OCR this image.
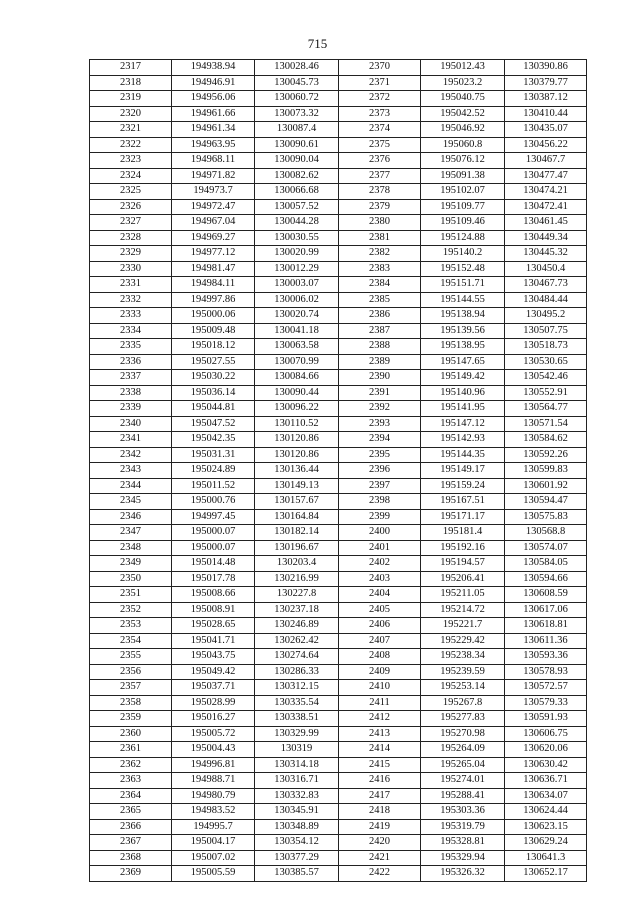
715
2317	194938.94	130028.46	2370	195012.43	130390.86
2318	194946.91	130045.73	2371	195023.2	130379.77
2319	194956.06	130060.72	2372	195040.75	130387.12
2320	194961.66	130073.32	2373	195042.52	130410.44
2321	194961.34	130087.4	2374	195046.92	130435.07
2322	194963.95	130090.61	2375	195060.8	130456.22
2323	194968.11	130090.04	2376	195076.12	130467.7
2324	194971.82	130082.62	2377	195091.38	130477.47
2325	194973.7	130066.68	2378	195102.07	130474.21
2326	194972.47	130057.52	2379	195109.77	130472.41
2327	194967.04	130044.28	2380	195109.46	130461.45
2328	194969.27	130030.55	2381	195124.88	130449.34
2329	194977.12	130020.99	2382	195140.2	130445.32
2330	194981.47	130012.29	2383	195152.48	130450.4
2331	194984.11	130003.07	2384	195151.71	130467.73
2332	194997.86	130006.02	2385	195144.55	130484.44
2333	195000.06	130020.74	2386	195138.94	130495.2
2334	195009.48	130041.18	2387	195139.56	130507.75
2335	195018.12	130063.58	2388	195138.95	130518.73
2336	195027.55	130070.99	2389	195147.65	130530.65
2337	195030.22	130084.66	2390	195149.42	130542.46
2338	195036.14	130090.44	2391	195140.96	130552.91
2339	195044.81	130096.22	2392	195141.95	130564.77
2340	195047.52	130110.52	2393	195147.12	130571.54
2341	195042.35	130120.86	2394	195142.93	130584.62
2342	195031.31	130120.86	2395	195144.35	130592.26
2343	195024.89	130136.44	2396	195149.17	130599.83
2344	195011.52	130149.13	2397	195159.24	130601.92
2345	195000.76	130157.67	2398	195167.51	130594.47
2346	194997.45	130164.84	2399	195171.17	130575.83
2347	195000.07	130182.14	2400	195181.4	130568.8
2348	195000.07	130196.67	2401	195192.16	130574.07
2349	195014.48	130203.4	2402	195194.57	130584.05
2350	195017.78	130216.99	2403	195206.41	130594.66
2351	195008.66	130227.8	2404	195211.05	130608.59
2352	195008.91	130237.18	2405	195214.72	130617.06
2353	195028.65	130246.89	2406	195221.7	130618.81
2354	195041.71	130262.42	2407	195229.42	130611.36
2355	195043.75	130274.64	2408	195238.34	130593.36
2356	195049.42	130286.33	2409	195239.59	130578.93
2357	195037.71	130312.15	2410	195253.14	130572.57
2358	195028.99	130335.54	2411	195267.8	130579.33
2359	195016.27	130338.51	2412	195277.83	130591.93
2360	195005.72	130329.99	2413	195270.98	130606.75
2361	195004.43	130319	2414	195264.09	130620.06
2362	194996.81	130314.18	2415	195265.04	130630.42
2363	194988.71	130316.71	2416	195274.01	130636.71
2364	194980.79	130332.83	2417	195288.41	130634.07
2365	194983.52	130345.91	2418	195303.36	130624.44
2366	194995.7	130348.89	2419	195319.79	130623.15
2367	195004.17	130354.12	2420	195328.81	130629.24
2368	195007.02	130377.29	2421	195329.94	130641.3
2369	195005.59	130385.57	2422	195326.32	130652.17
